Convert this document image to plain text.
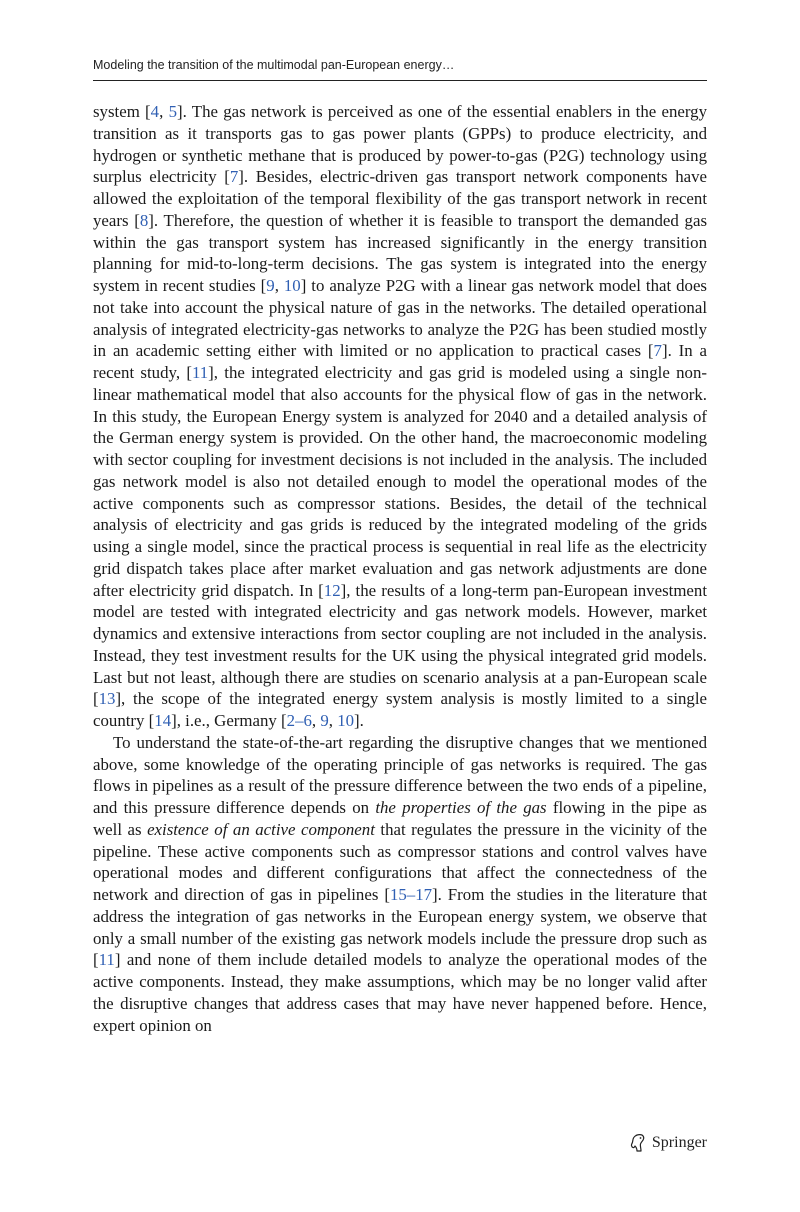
Modeling the transition of the multimodal pan-European energy…

system [4, 5]. The gas network is perceived as one of the essential enablers in the energy transition as it transports gas to gas power plants (GPPs) to produce electricity, and hydrogen or synthetic methane that is produced by power-to-gas (P2G) technology using surplus electricity [7]. Besides, electric-driven gas transport network components have allowed the exploitation of the temporal flexibility of the gas transport network in recent years [8]. Therefore, the question of whether it is feasible to transport the demanded gas within the gas transport system has increased significantly in the energy transition planning for mid-to-long-term decisions. The gas system is integrated into the energy system in recent studies [9, 10] to analyze P2G with a linear gas network model that does not take into account the physical nature of gas in the networks. The detailed operational analysis of integrated electricity-gas networks to analyze the P2G has been studied mostly in an academic setting either with limited or no application to practical cases [7]. In a recent study, [11], the integrated electricity and gas grid is modeled using a single non-linear mathematical model that also accounts for the physical flow of gas in the network. In this study, the European Energy system is analyzed for 2040 and a detailed analysis of the German energy system is provided. On the other hand, the macroeconomic modeling with sector coupling for investment decisions is not included in the analysis. The included gas network model is also not detailed enough to model the operational modes of the active components such as compressor stations. Besides, the detail of the technical analysis of electricity and gas grids is reduced by the integrated modeling of the grids using a single model, since the practical process is sequential in real life as the electricity grid dispatch takes place after market evaluation and gas network adjustments are done after electricity grid dispatch. In [12], the results of a long-term pan-European investment model are tested with integrated electricity and gas network models. However, market dynamics and extensive interactions from sector coupling are not included in the analysis. Instead, they test investment results for the UK using the physical integrated grid models. Last but not least, although there are studies on scenario analysis at a pan-European scale [13], the scope of the integrated energy system analysis is mostly limited to a single country [14], i.e., Germany [2–6, 9, 10].

To understand the state-of-the-art regarding the disruptive changes that we mentioned above, some knowledge of the operating principle of gas networks is required. The gas flows in pipelines as a result of the pressure difference between the two ends of a pipeline, and this pressure difference depends on the properties of the gas flowing in the pipe as well as existence of an active component that regulates the pressure in the vicinity of the pipeline. These active components such as compressor stations and control valves have operational modes and different configurations that affect the connectedness of the network and direction of gas in pipelines [15–17]. From the studies in the literature that address the integration of gas networks in the European energy system, we observe that only a small number of the existing gas network models include the pressure drop such as [11] and none of them include detailed models to analyze the operational modes of the active components. Instead, they make assumptions, which may be no longer valid after the disruptive changes that address cases that may have never happened before. Hence, expert opinion on

Springer
